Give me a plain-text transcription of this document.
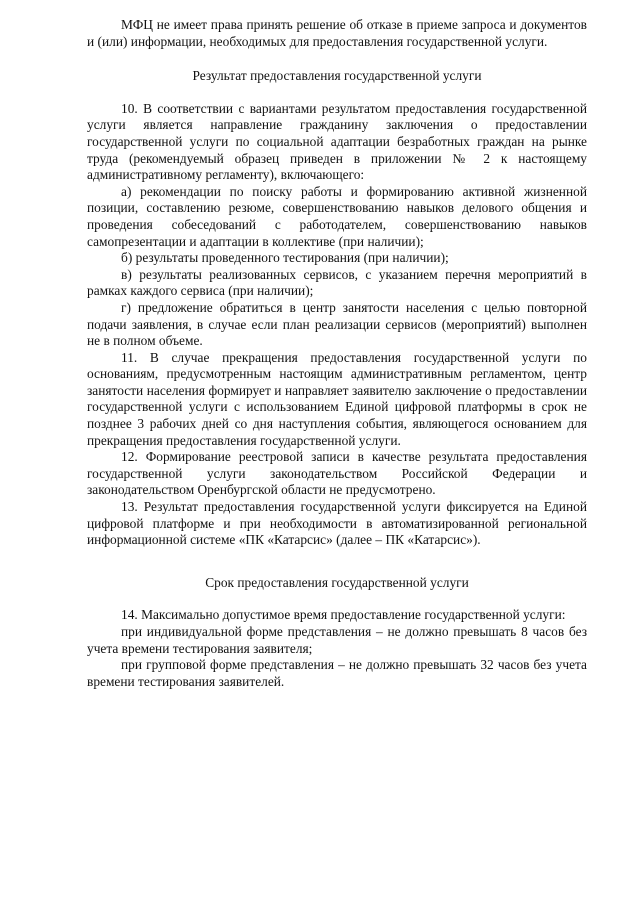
МФЦ не имеет права принять решение об отказе в приеме запроса и документов и (или) информации, необходимых для предоставления государственной услуги.

Результат предоставления государственной услуги

10. В соответствии с вариантами результатом предоставления государственной услуги является направление гражданину заключения о предоставлении государственной услуги по социальной адаптации безработных граждан на рынке труда (рекомендуемый образец приведен в приложении № 2 к настоящему административному регламенту), включающего:

а) рекомендации по поиску работы и формированию активной жизненной позиции, составлению резюме, совершенствованию навыков делового общения и проведения собеседований с работодателем, совершенствованию навыков самопрезентации и адаптации в коллективе (при наличии);

б) результаты проведенного тестирования (при наличии);

в) результаты реализованных сервисов, с указанием перечня мероприятий в рамках каждого сервиса (при наличии);

г) предложение обратиться в центр занятости населения с целью повторной подачи заявления, в случае если план реализации сервисов (мероприятий) выполнен не в полном объеме.

11. В случае прекращения предоставления государственной услуги по основаниям, предусмотренным настоящим административным регламентом, центр занятости населения формирует и направляет заявителю заключение о предоставлении государственной услуги с использованием Единой цифровой платформы в срок не позднее 3 рабочих дней со дня наступления события, являющегося основанием для прекращения предоставления государственной услуги.

12. Формирование реестровой записи в качестве результата предоставления государственной услуги законодательством Российской Федерации и законодательством Оренбургской области не предусмотрено.

13. Результат предоставления государственной услуги фиксируется на Единой цифровой платформе и при необходимости в автоматизированной региональной информационной системе «ПК «Катарсис» (далее – ПК «Катарсис»).

Срок предоставления государственной услуги

14. Максимально допустимое время предоставление государственной услуги:

при индивидуальной форме представления – не должно превышать 8 часов без учета времени тестирования заявителя;

при групповой форме представления – не должно превышать 32 часов без учета времени тестирования заявителей.
